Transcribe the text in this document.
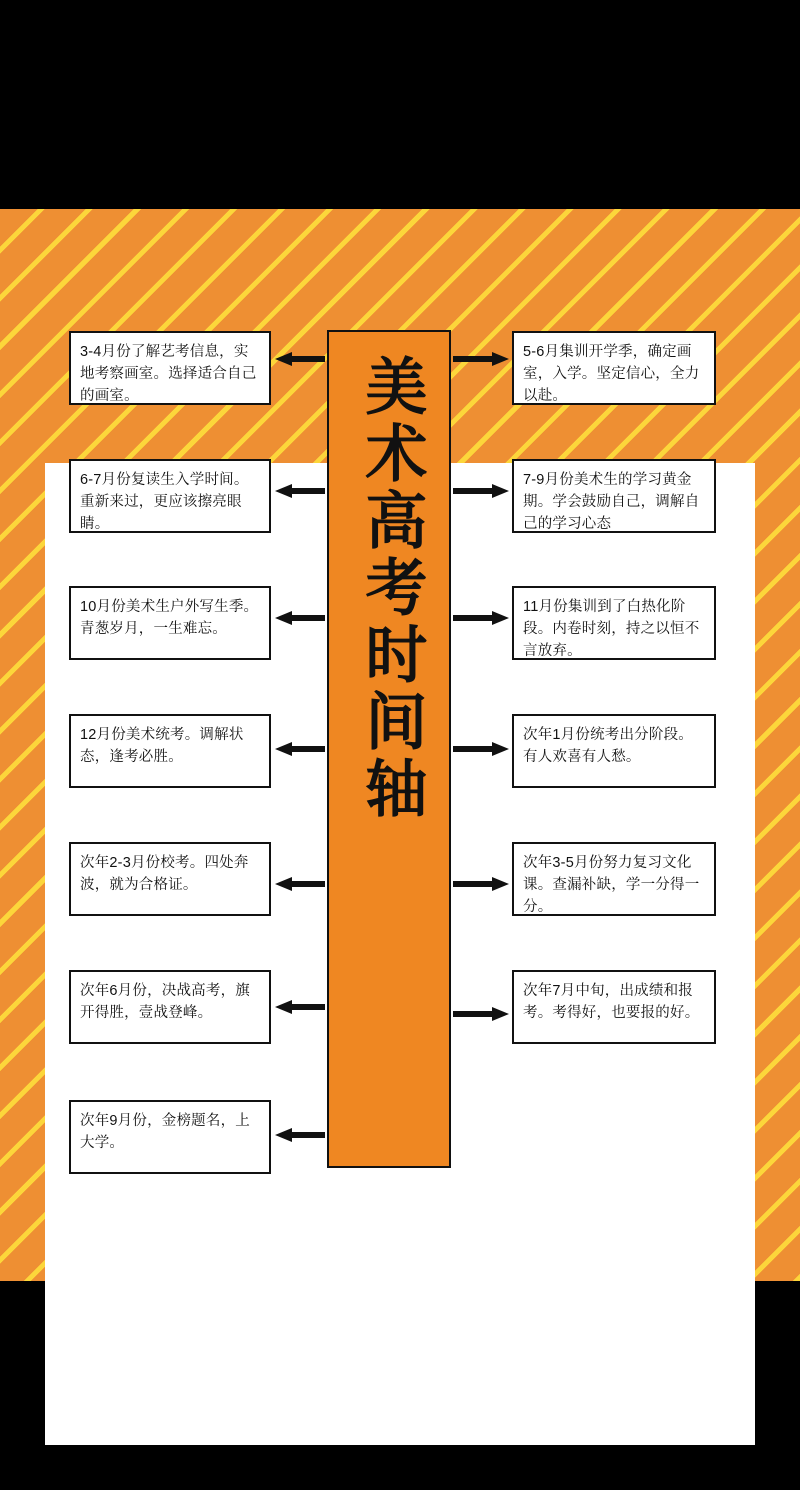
美术高考时间轴
3-4月份了解艺考信息，实地考察画室。选择适合自己的画室。
6-7月份复读生入学时间。重新来过，更应该擦亮眼睛。
10月份美术生户外写生季。青葱岁月，一生难忘。
12月份美术统考。调解状态，逢考必胜。
次年2-3月份校考。四处奔波，就为合格证。
次年6月份，决战高考，旗开得胜，壹战登峰。
次年9月份，金榜题名，上大学。
5-6月集训开学季，确定画室，入学。坚定信心，全力以赴。
7-9月份美术生的学习黄金期。学会鼓励自己，调解自己的学习心态
11月份集训到了白热化阶段。内卷时刻，持之以恒不言放弃。
次年1月份统考出分阶段。有人欢喜有人愁。
次年3-5月份努力复习文化课。查漏补缺，学一分得一分。
次年7月中旬，出成绩和报考。考得好，也要报的好。
